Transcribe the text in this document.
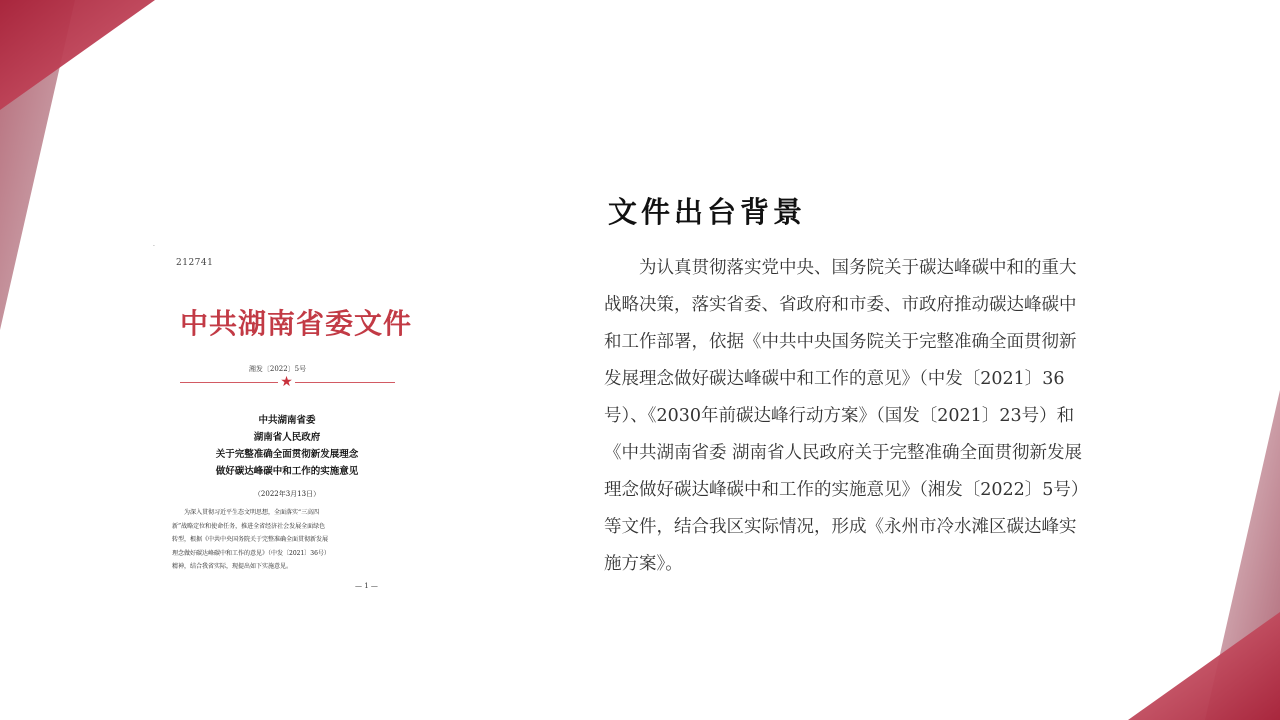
·
212741
中共湖南省委文件
湘发〔2022〕5号
★
中共湖南省委
湖南省人民政府
关于完整准确全面贯彻新发展理念
做好碳达峰碳中和工作的实施意见
（2022年3月13日）
为深入贯彻习近平生态文明思想，全面落实“三高四
新”战略定位和使命任务，推进全省经济社会发展全面绿色
转型，根据《中共中央国务院关于完整准确全面贯彻新发展
理念做好碳达峰碳中和工作的意见》（中发〔2021〕36号）
精神，结合我省实际，现提出如下实施意见。
— 1 —
文件出台背景
为认真贯彻落实党中央、国务院关于碳达峰碳中和的重大
战略决策，落实省委、省政府和市委、市政府推动碳达峰碳中
和工作部署，依据《中共中央国务院关于完整准确全面贯彻新
发展理念做好碳达峰碳中和工作的意见》（中发〔2021〕36
号）、《2030年前碳达峰行动方案》（国发〔2021〕23号）和
《中共湖南省委 湖南省人民政府关于完整准确全面贯彻新发展
理念做好碳达峰碳中和工作的实施意见》（湘发〔2022〕5号）
等文件，结合我区实际情况，形成《永州市冷水滩区碳达峰实
施方案》。
